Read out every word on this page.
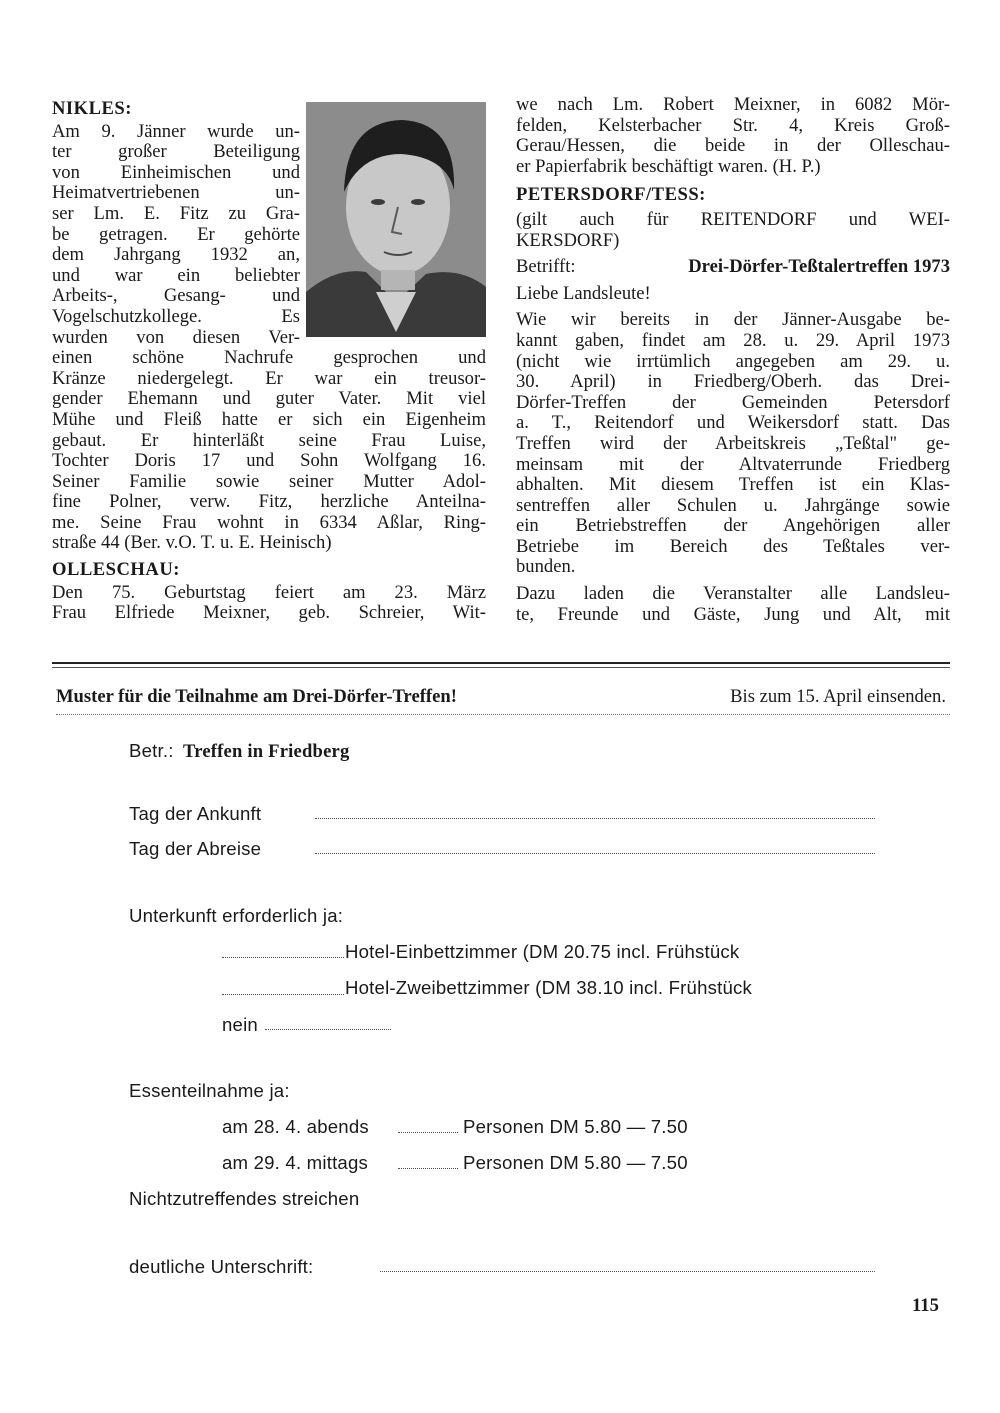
NIKLES:
Am 9. Jänner wurde un-
ter großer Beteiligung
von Einheimischen und
Heimatvertriebenen un-
ser Lm. E. Fitz zu Gra-
be getragen. Er gehörte
dem Jahrgang 1932 an,
und war ein beliebter
Arbeits-, Gesang- und
Vogelschutzkollege. Es
wurden von diesen Ver-
einen schöne Nachrufe gesprochen und
Kränze niedergelegt. Er war ein treusor-
gender Ehemann und guter Vater. Mit viel
Mühe und Fleiß hatte er sich ein Eigenheim
gebaut. Er hinterläßt seine Frau Luise,
Tochter Doris 17 und Sohn Wolfgang 16.
Seiner Familie sowie seiner Mutter Adol-
fine Polner, verw. Fitz, herzliche Anteilna-
me. Seine Frau wohnt in 6334 Aßlar, Ring-
straße 44 (Ber. v.O. T. u. E. Heinisch)
OLLESCHAU:
Den 75. Geburtstag feiert am 23. März
Frau Elfriede Meixner, geb. Schreier, Wit-
we nach Lm. Robert Meixner, in 6082 Mör-
felden, Kelsterbacher Str. 4, Kreis Groß-
Gerau/Hessen, die beide in der Olleschau-
er Papierfabrik beschäftigt waren. (H. P.)
PETERSDORF/TESS:
(gilt auch für REITENDORF und WEI-
KERSDORF)
Betrifft:	Drei-Dörfer-Teßtalertreffen 1973
Liebe Landsleute!
Wie wir bereits in der Jänner-Ausgabe be-
kannt gaben, findet am 28. u. 29. April 1973
(nicht wie irrtümlich angegeben am 29. u.
30. April) in Friedberg/Oberh. das Drei-
Dörfer-Treffen der Gemeinden Petersdorf
a. T., Reitendorf und Weikersdorf statt. Das
Treffen wird der Arbeitskreis „Teßtal" ge-
meinsam mit der Altvaterrunde Friedberg
abhalten. Mit diesem Treffen ist ein Klas-
sentreffen aller Schulen u. Jahrgänge sowie
ein Betriebstreffen der Angehörigen aller
Betriebe im Bereich des Teßtales ver-
bunden.
Dazu laden die Veranstalter alle Landsleu-
te, Freunde und Gäste, Jung und Alt, mit
Muster für die Teilnahme am Drei-Dörfer-Treffen!	Bis zum 15. April einsenden.
Betr.: Treffen in Friedberg
Tag der Ankunft
Tag der Abreise
Unterkunft erforderlich ja:
Hotel-Einbettzimmer (DM 20.75 incl. Frühstück
Hotel-Zweibettzimmer (DM 38.10 incl. Frühstück
nein
Essenteilnahme ja:
am 28. 4. abends	Personen DM 5.80 — 7.50
am 29. 4. mittags	Personen DM 5.80 — 7.50
Nichtzutreffendes streichen
deutliche Unterschrift:
115
